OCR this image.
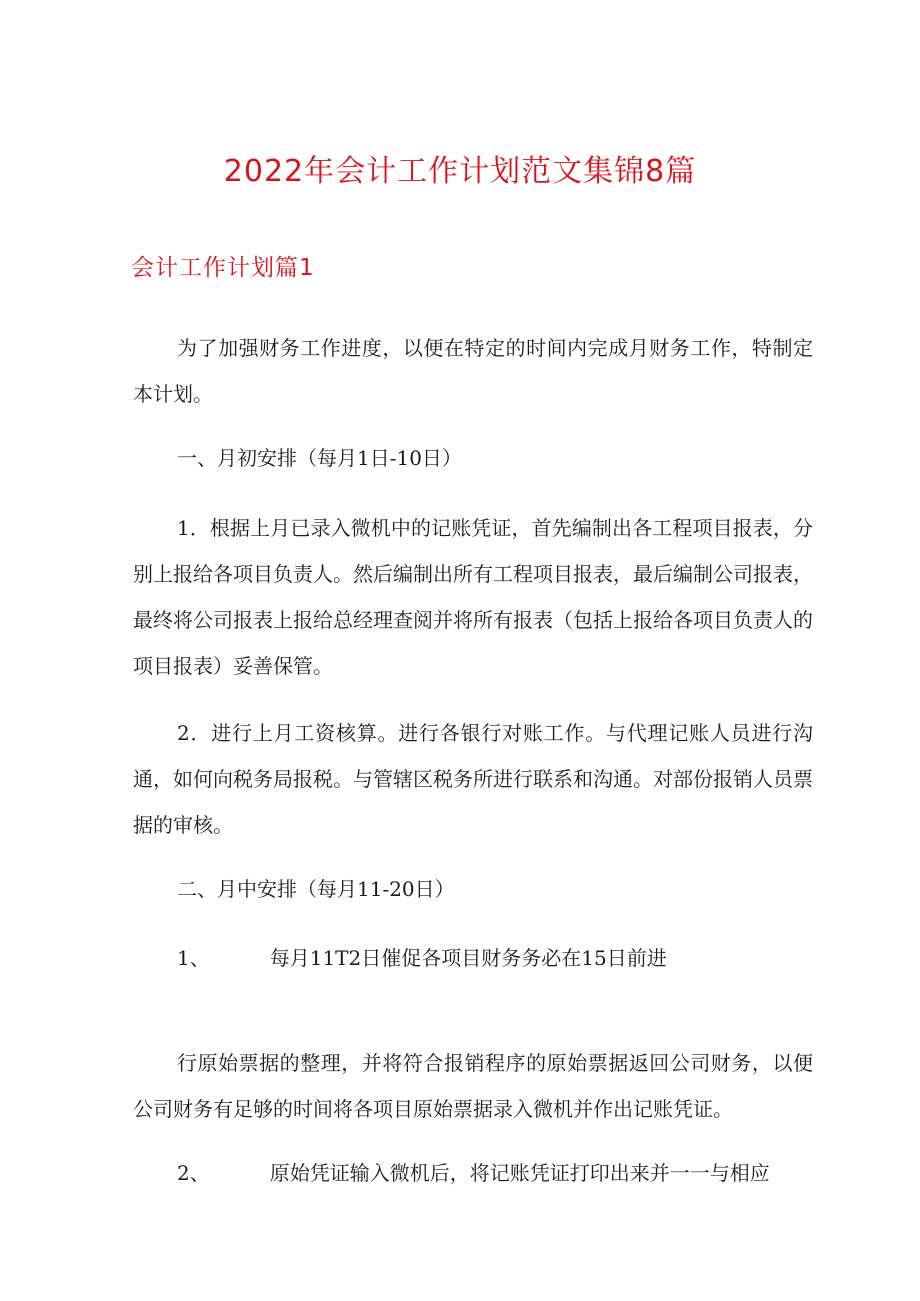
2022年会计工作计划范文集锦8篇
会计工作计划篇1

为了加强财务工作进度，以便在特定的时间内完成月财务工作，特制定本计划。

一、月初安排（每月1日-10日）

1．根据上月已录入微机中的记账凭证，首先编制出各工程项目报表，分别上报给各项目负责人。然后编制出所有工程项目报表，最后编制公司报表，最终将公司报表上报给总经理查阅并将所有报表（包括上报给各项目负责人的项目报表）妥善保管。

2．进行上月工资核算。进行各银行对账工作。与代理记账人员进行沟通，如何向税务局报税。与管辖区税务所进行联系和沟通。对部份报销人员票据的审核。

二、月中安排（每月11-20日）

1、	每月11T2日催促各项目财务务必在15日前进

行原始票据的整理，并将符合报销程序的原始票据返回公司财务，以便公司财务有足够的时间将各项目原始票据录入微机并作出记账凭证。

2、	原始凭证输入微机后，将记账凭证打印出来并一一与相应
